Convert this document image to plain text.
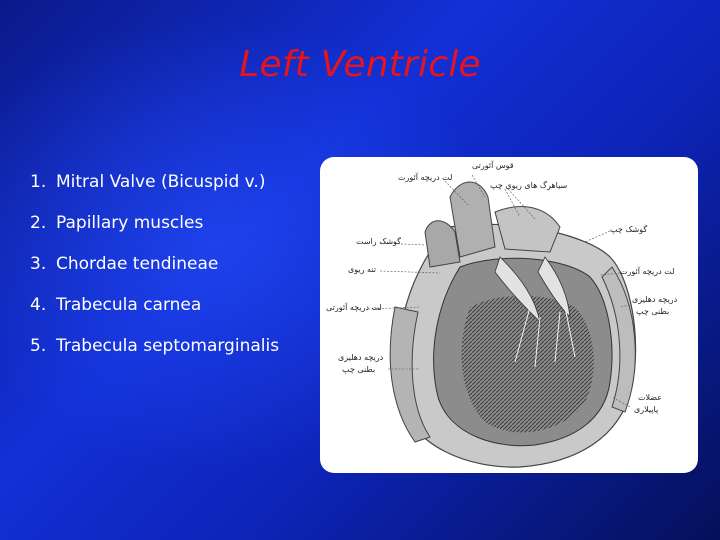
Left Ventricle
1. Mitral Valve (Bicuspid v.)
2. Papillary muscles
3. Chordae tendineae
4. Trabecula carnea
5. Trabecula septomarginalis
قوس آئورتی
لت دریچه آئورت
سیاهرگ های ریوی چپ
گوشک چپ
گوشک راست
تنه ریوی	لت دریچه آئورت
لت دریچه آئورتی
دریچه دهلیزی
بطنی چپ
دریچه دهلیزی
بطنی چپ
عضلات
پاپیلاری
